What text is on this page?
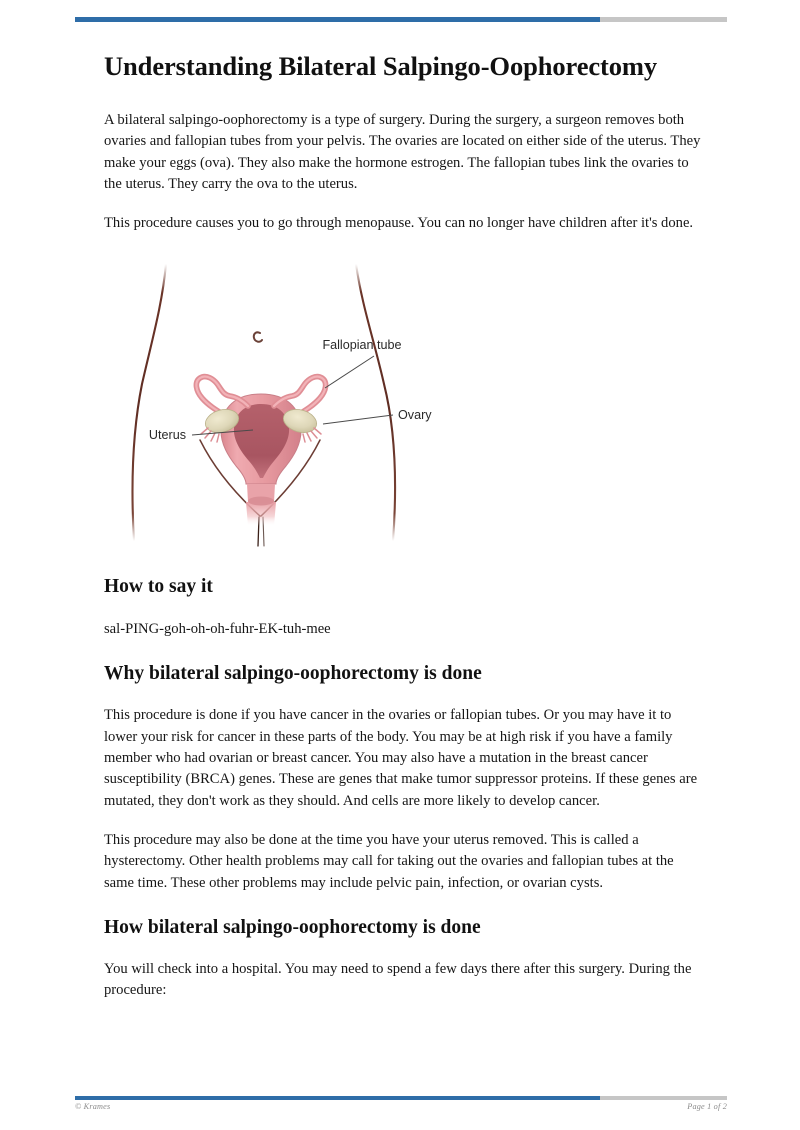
Understanding Bilateral Salpingo-Oophorectomy

A bilateral salpingo-oophorectomy is a type of surgery. During the surgery, a surgeon removes both ovaries and fallopian tubes from your pelvis. The ovaries are located on either side of the uterus. They make your eggs (ova). They also make the hormone estrogen. The fallopian tubes link the ovaries to the uterus. They carry the ova to the uterus.

This procedure causes you to go through menopause. You can no longer have children after it's done.

Fallopian tube
Ovary
Uterus
How to say it

sal-PING-goh-oh-oh-fuhr-EK-tuh-mee

Why bilateral salpingo-oophorectomy is done

This procedure is done if you have cancer in the ovaries or fallopian tubes. Or you may have it to lower your risk for cancer in these parts of the body. You may be at high risk if you have a family member who had ovarian or breast cancer. You may also have a mutation in the breast cancer susceptibility (BRCA) genes. These are genes that make tumor suppressor proteins. If these genes are mutated, they don't work as they should. And cells are more likely to develop cancer.

This procedure may also be done at the time you have your uterus removed. This is called a hysterectomy. Other health problems may call for taking out the ovaries and fallopian tubes at the same time. These other problems may include pelvic pain, infection, or ovarian cysts.

How bilateral salpingo-oophorectomy is done

You will check into a hospital. You may need to spend a few days there after this surgery. During the procedure:

© Krames	Page 1 of 2
